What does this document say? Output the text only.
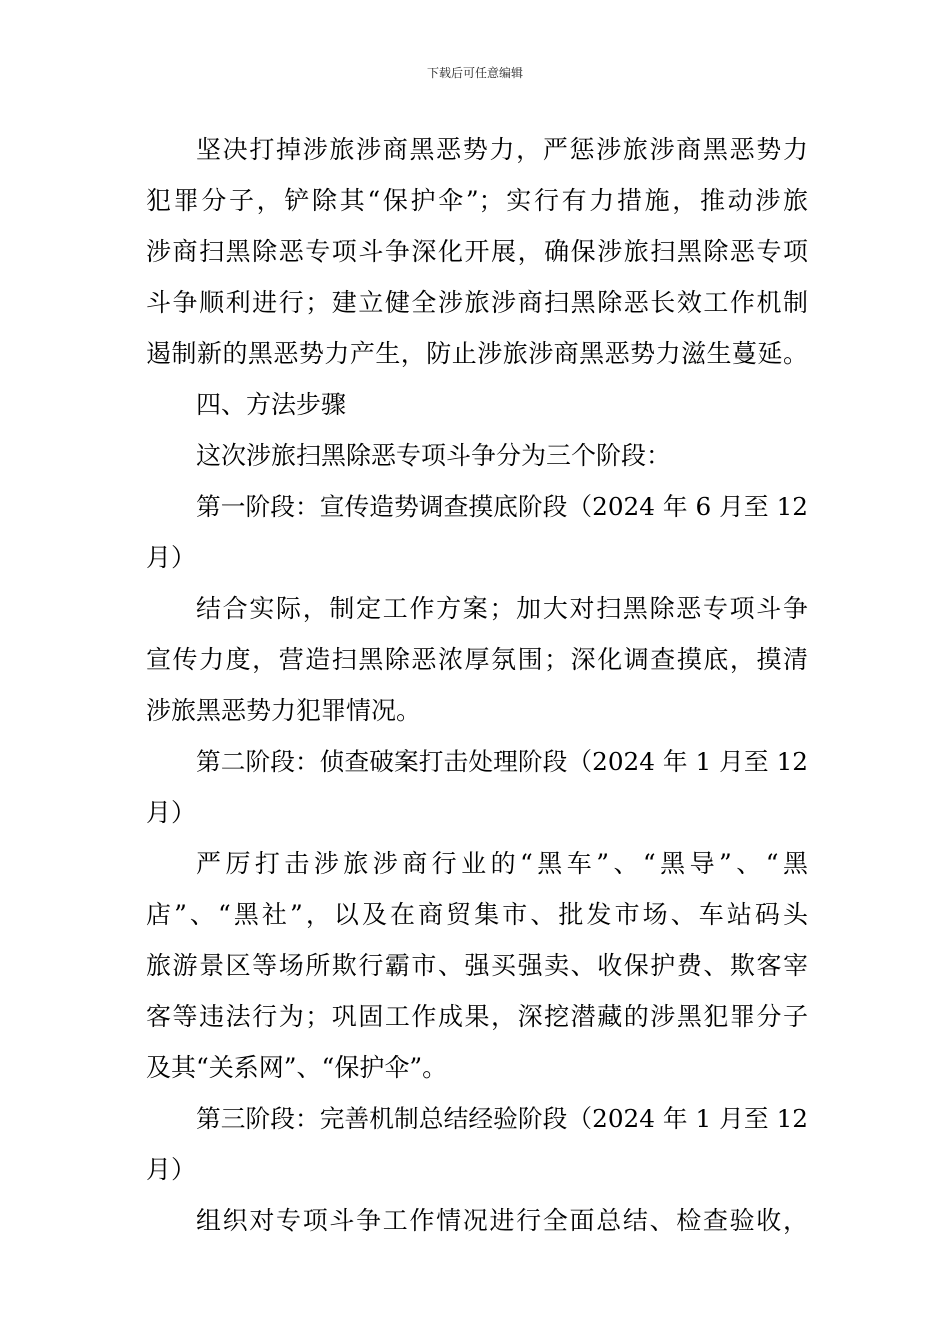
下载后可任意编辑
坚决打掉涉旅涉商黑恶势力，严惩涉旅涉商黑恶势力
犯罪分子，铲除其“保护伞”；实行有力措施，推动涉旅
涉商扫黑除恶专项斗争深化开展，确保涉旅扫黑除恶专项
斗争顺利进行；建立健全涉旅涉商扫黑除恶长效工作机制
遏制新的黑恶势力产生，防止涉旅涉商黑恶势力滋生蔓延。
四、方法步骤
这次涉旅扫黑除恶专项斗争分为三个阶段：
第一阶段：宣传造势调查摸底阶段（2024 年 6 月至 12
月）
结合实际，制定工作方案；加大对扫黑除恶专项斗争
宣传力度，营造扫黑除恶浓厚氛围；深化调查摸底，摸清
涉旅黑恶势力犯罪情况。
第二阶段：侦查破案打击处理阶段（2024 年 1 月至 12
月）
严厉打击涉旅涉商行业的“黑车”、“黑导”、“黑
店”、“黑社”，以及在商贸集市、批发市场、车站码头
旅游景区等场所欺行霸市、强买强卖、收保护费、欺客宰
客等违法行为；巩固工作成果，深挖潜藏的涉黑犯罪分子
及其“关系网”、“保护伞”。
第三阶段：完善机制总结经验阶段（2024 年 1 月至 12
月）
组织对专项斗争工作情况进行全面总结、检查验收，
